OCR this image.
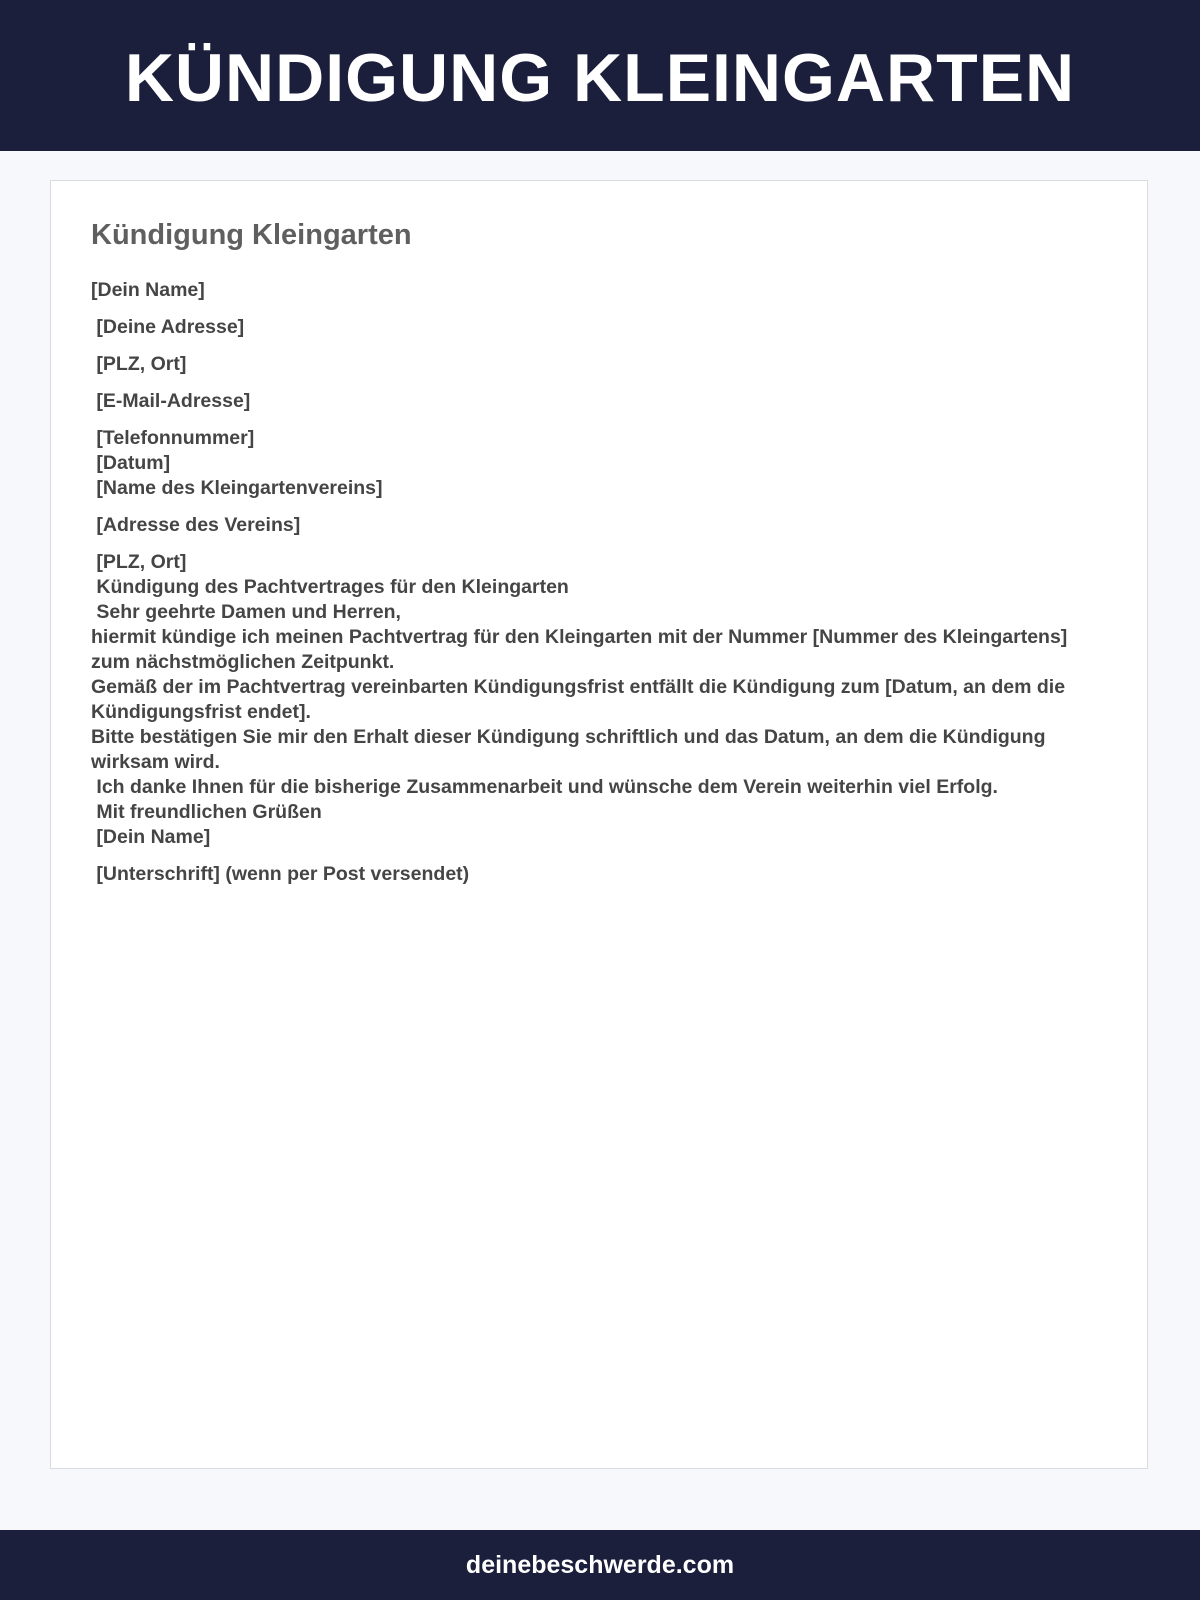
KÜNDIGUNG KLEINGARTEN
Kündigung Kleingarten
[Dein Name]
[Deine Adresse]
[PLZ, Ort]
[E-Mail-Adresse]
[Telefonnummer]
[Datum]
[Name des Kleingartenvereins]
[Adresse des Vereins]
[PLZ, Ort]
Kündigung des Pachtvertrages für den Kleingarten
Sehr geehrte Damen und Herren,
hiermit kündige ich meinen Pachtvertrag für den Kleingarten mit der Nummer [Nummer des Kleingartens] zum nächstmöglichen Zeitpunkt.
Gemäß der im Pachtvertrag vereinbarten Kündigungsfrist entfällt die Kündigung zum [Datum, an dem die Kündigungsfrist endet].
Bitte bestätigen Sie mir den Erhalt dieser Kündigung schriftlich und das Datum, an dem die Kündigung wirksam wird.
Ich danke Ihnen für die bisherige Zusammenarbeit und wünsche dem Verein weiterhin viel Erfolg.
Mit freundlichen Grüßen
[Dein Name]
[Unterschrift] (wenn per Post versendet)
deinebeschwerde.com
